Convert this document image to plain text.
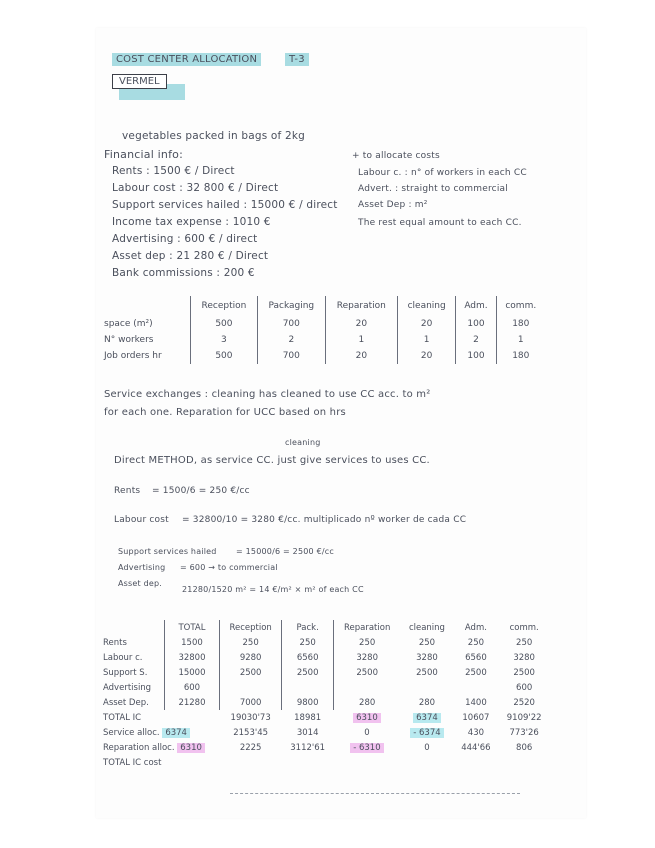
COST CENTER ALLOCATION	T-3
VERMEL
vegetables packed in bags of 2kg
Financial info:
Rents : 1500 € / Direct
Labour cost : 32 800 € / Direct
Support services hailed : 15000 € / direct
Income tax expense : 1010 €
Advertising : 600 € / direct
Asset dep : 21 280 € / Direct
Bank commissions : 200 €
+ to allocate costs
Labour c. : n° of workers in each CC
Advert. : straight to commercial
Asset Dep : m²
The rest equal amount to each CC.
	Reception	Packaging	Reparation	cleaning	Adm.	comm.
space (m²)	500	700	20	20	100	180
N° workers	3	2	1	1	2	1
Job orders hr	500	700	20	20	100	180
Service exchanges : cleaning has cleaned to use CC acc. to m²
for each one. Reparation for UCC based on hrs
cleaning
Direct METHOD, as service CC. just give services to uses CC.
Rents = 1500/6 = 250 €/cc
Labour cost = 32800/10 = 3280 €/cc. multiplicado nº worker de cada CC
Support services hailed = 15000/6 = 2500 €/cc
Advertising = 600 → to commercial
Asset dep.
21280/1520 m² = 14 €/m² × m² of each CC
	TOTAL	Reception	Pack.	Reparation	cleaning	Adm.	comm.
Rents	1500	250	250	250	250	250	250
Labour c.	32800	9280	6560	3280	3280	6560	3280
Support S.	15000	2500	2500	2500	2500	2500	2500
Advertising	600						600
Asset Dep.	21280	7000	9800	280	280	1400	2520
TOTAL IC		19030'73	18981	6310	6374	10607	9109'22
Service alloc. 6374		2153'45	3014	0	- 6374	430	773'26
Reparation alloc. 6310		2225	3112'61	- 6310	0	444'66	806
TOTAL IC cost							
